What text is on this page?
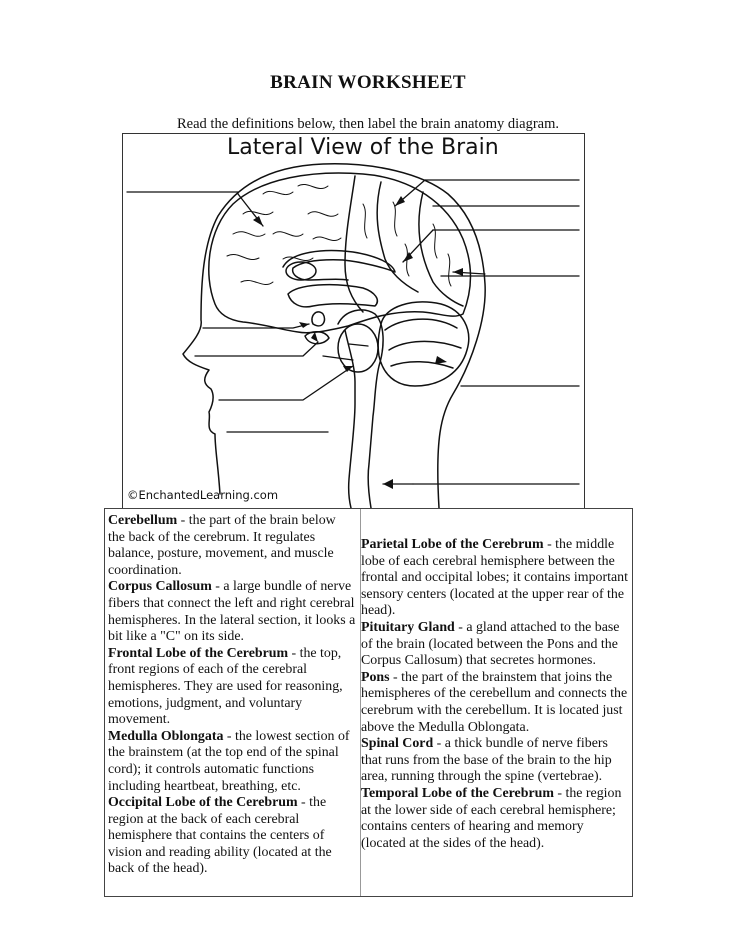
BRAIN WORKSHEET
Read the definitions below, then label the brain anatomy diagram.
Lateral View of the Brain
©EnchantedLearning.com

Cerebellum - the part of the brain below the back of the cerebrum. It regulates balance, posture, movement, and muscle coordination.

Corpus Callosum - a large bundle of nerve fibers that connect the left and right cerebral hemispheres. In the lateral section, it looks a bit like a "C" on its side.

Frontal Lobe of the Cerebrum - the top, front regions of each of the cerebral hemispheres. They are used for reasoning, emotions, judgment, and voluntary movement.

Medulla Oblongata - the lowest section of the brainstem (at the top end of the spinal cord); it controls automatic functions including heartbeat, breathing, etc.

Occipital Lobe of the Cerebrum - the region at the back of each cerebral hemisphere that contains the centers of vision and reading ability (located at the back of the head).

Parietal Lobe of the Cerebrum - the middle lobe of each cerebral hemisphere between the frontal and occipital lobes; it contains important sensory centers (located at the upper rear of the head).

Pituitary Gland - a gland attached to the base of the brain (located between the Pons and the Corpus Callosum) that secretes hormones.

Pons - the part of the brainstem that joins the hemispheres of the cerebellum and connects the cerebrum with the cerebellum. It is located just above the Medulla Oblongata.

Spinal Cord - a thick bundle of nerve fibers that runs from the base of the brain to the hip area, running through the spine (vertebrae).

Temporal Lobe of the Cerebrum - the region at the lower side of each cerebral hemisphere; contains centers of hearing and memory (located at the sides of the head).
